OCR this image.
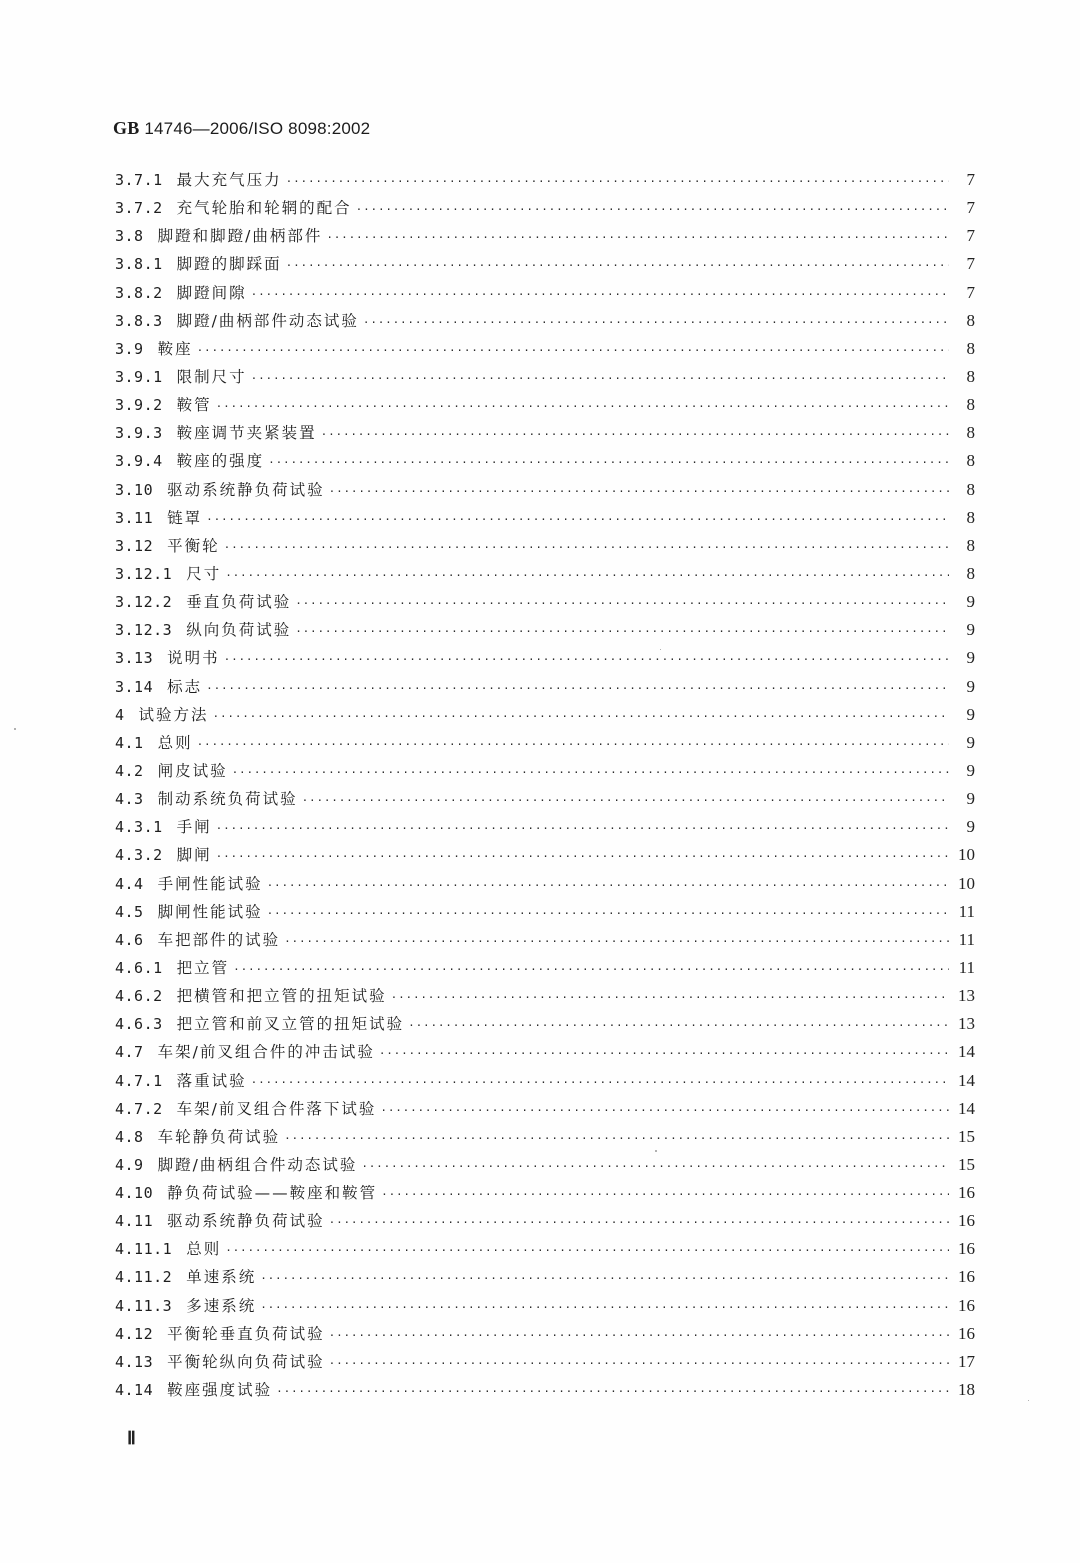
GB 14746—2006/ISO 8098:2002
3.7.1 最大充气压力 ·····	7
3.7.2 充气轮胎和轮辋的配合 ·····	7
3.8 脚蹬和脚蹬/曲柄部件 ·····	7
3.8.1 脚蹬的脚踩面 ·····	7
3.8.2 脚蹬间隙 ·····	7
3.8.3 脚蹬/曲柄部件动态试验 ·····	8
3.9 鞍座 ·····	8
3.9.1 限制尺寸 ·····	8
3.9.2 鞍管 ·····	8
3.9.3 鞍座调节夹紧装置 ·····	8
3.9.4 鞍座的强度 ·····	8
3.10 驱动系统静负荷试验 ·····	8
3.11 链罩 ·····	8
3.12 平衡轮 ·····	8
3.12.1 尺寸 ·····	8
3.12.2 垂直负荷试验 ·····	9
3.12.3 纵向负荷试验 ·····	9
3.13 说明书 ·····	9
3.14 标志 ·····	9
4 试验方法 ·····	9
4.1 总则 ·····	9
4.2 闸皮试验 ·····	9
4.3 制动系统负荷试验 ·····	9
4.3.1 手闸 ·····	9
4.3.2 脚闸 ·····	10
4.4 手闸性能试验 ·····	10
4.5 脚闸性能试验 ·····	11
4.6 车把部件的试验 ·····	11
4.6.1 把立管 ·····	11
4.6.2 把横管和把立管的扭矩试验 ·····	13
4.6.3 把立管和前叉立管的扭矩试验 ·····	13
4.7 车架/前叉组合件的冲击试验 ·····	14
4.7.1 落重试验 ·····	14
4.7.2 车架/前叉组合件落下试验 ·····	14
4.8 车轮静负荷试验 ·····	15
4.9 脚蹬/曲柄组合件动态试验 ·····	15
4.10 静负荷试验——鞍座和鞍管 ·····	16
4.11 驱动系统静负荷试验 ·····	16
4.11.1 总则 ·····	16
4.11.2 单速系统 ·····	16
4.11.3 多速系统 ·····	16
4.12 平衡轮垂直负荷试验 ·····	16
4.13 平衡轮纵向负荷试验 ·····	17
4.14 鞍座强度试验 ·····	18
Ⅱ
